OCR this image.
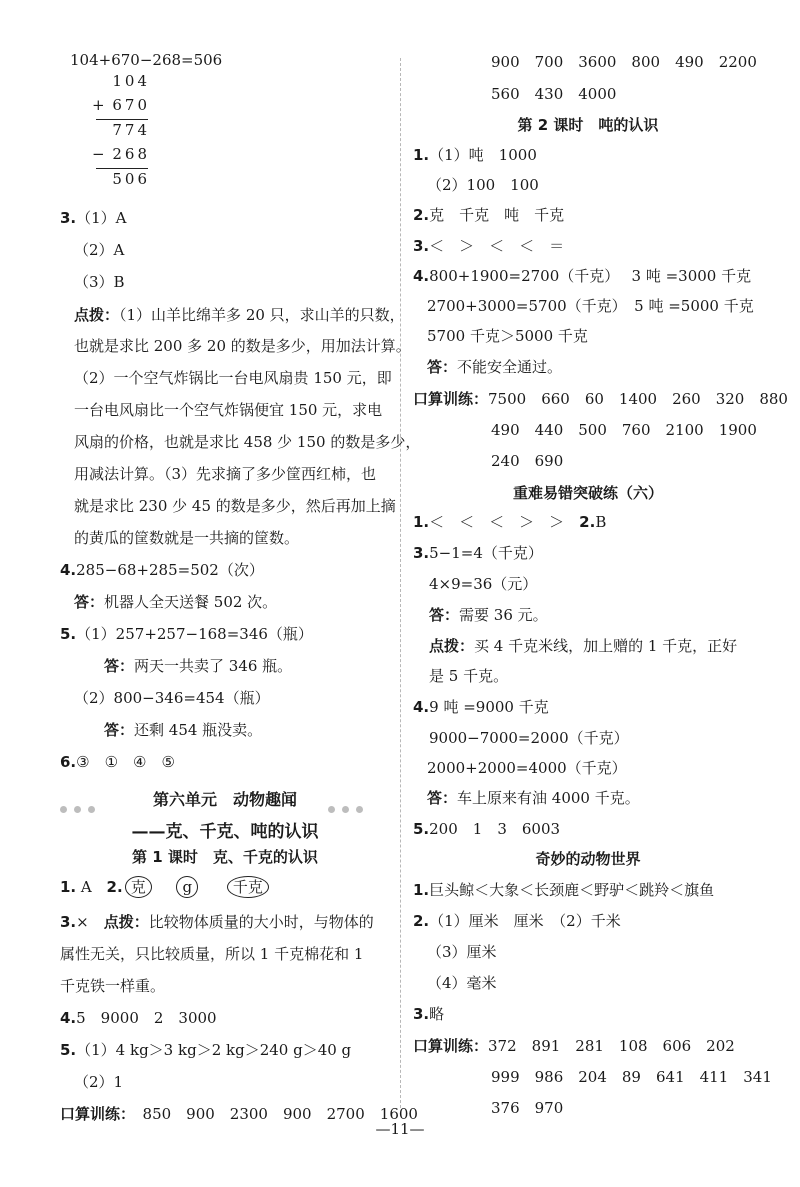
104+670−268=506
104
+ 670
774
− 268
506
3.（1）A
（2）A
（3）B
点拨：（1）山羊比绵羊多 20 只，求山羊的只数，
也就是求比 200 多 20 的数是多少，用加法计算。
（2）一个空气炸锅比一台电风扇贵 150 元，即
一台电风扇比一个空气炸锅便宜 150 元，求电
风扇的价格，也就是求比 458 少 150 的数是多少，
用减法计算。（3）先求摘了多少筐西红柿，也
就是求比 230 少 45 的数是多少，然后再加上摘
的黄瓜的筐数就是一共摘的筐数。
4.285−68+285=502（次）
答：机器人全天送餐 502 次。
5.（1）257+257−168=346（瓶）
答：两天一共卖了 346 瓶。
（2）800−346=454（瓶）
答：还剩 454 瓶没卖。
6.③　①　④　⑤
第六单元　动物趣闻
——克、千克、吨的认识
第 1 课时　克、千克的认识
1. A 2. 克 g	千克
3.×　 点拨：比较物体质量的大小时，与物体的
属性无关，只比较质量，所以 1 千克棉花和 1
千克铁一样重。
4.5　9000　2　3000
5.（1）4 kg＞3 kg＞2 kg＞240 g＞40 g
（2）1
口算训练：　 850　900　2300　900　2700　1600
900　700　3600　800　490　2200
560　430　4000
第 2 课时　吨的认识
1.（1）吨　1000
（2）100　100
2.克　千克　吨　千克
3.＜　＞　＜　＜　＝
4.800+1900=2700（千克）　 3 吨 =3000 千克
2700+3000=5700（千克）　5 吨 =5000 千克
5700 千克＞5000 千克
答：不能安全通过。
口算训练：7500　660　60　1400　260　320　880
490　440　500　760　2100　1900
240　690
重难易错突破练（六）
1.＜　＜　＜　＞　＞　 2.B
3.5−1=4（千克）
4×9=36（元）
答：需要 36 元。
点拨：买 4 千克米线，加上赠的 1 千克，正好
是 5 千克。
4.9 吨 =9000 千克
9000−7000=2000（千克）
2000+2000=4000（千克）
答：车上原来有油 4000 千克。
5.200　1　3　6003
奇妙的动物世界
1.巨头鲸＜大象＜长颈鹿＜野驴＜跳羚＜旗鱼
2.（1）厘米　厘米　（2）千米
（3）厘米
（4）毫米
3.略
口算训练：372　891　281　108　606　202
999　986　204　89　641　411　341
376　970
—11—
